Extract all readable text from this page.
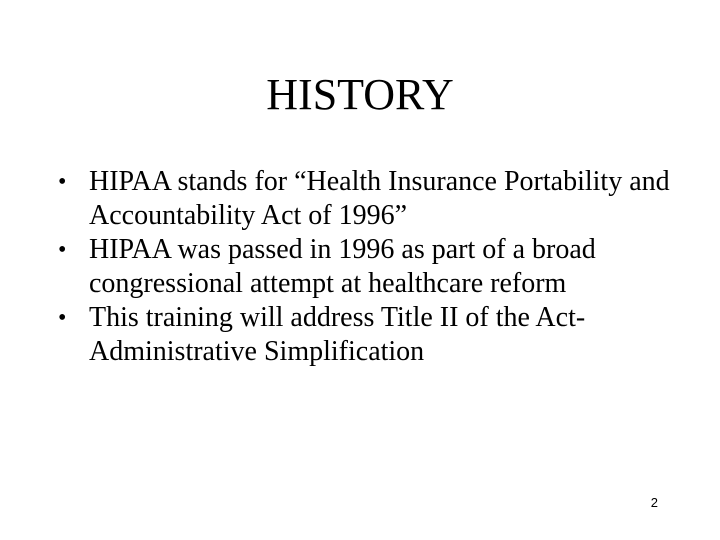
HISTORY
• HIPAA stands for “Health Insurance Portability and Accountability Act of 1996”
• HIPAA was passed in 1996 as part of a broad congressional attempt at healthcare reform
• This training will address Title II of the Act-Administrative Simplification
2
